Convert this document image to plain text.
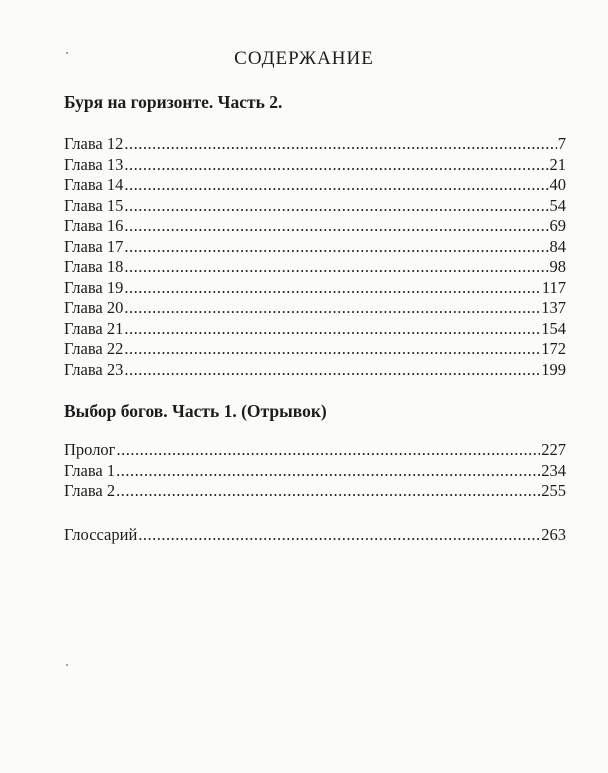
СОДЕРЖАНИЕ
Буря на горизонте. Часть 2.
Глава 12 .....	7
Глава 13 .....	21
Глава 14 .....	40
Глава 15 .....	54
Глава 16 .....	69
Глава 17 .....	84
Глава 18 .....	98
Глава 19 .....	117
Глава 20 .....	137
Глава 21 .....	154
Глава 22 .....	172
Глава 23 .....	199
Выбор богов. Часть 1. (Отрывок)
Пролог .....	227
Глава 1 .....	234
Глава 2 .....	255
Глоссарий .....	263
